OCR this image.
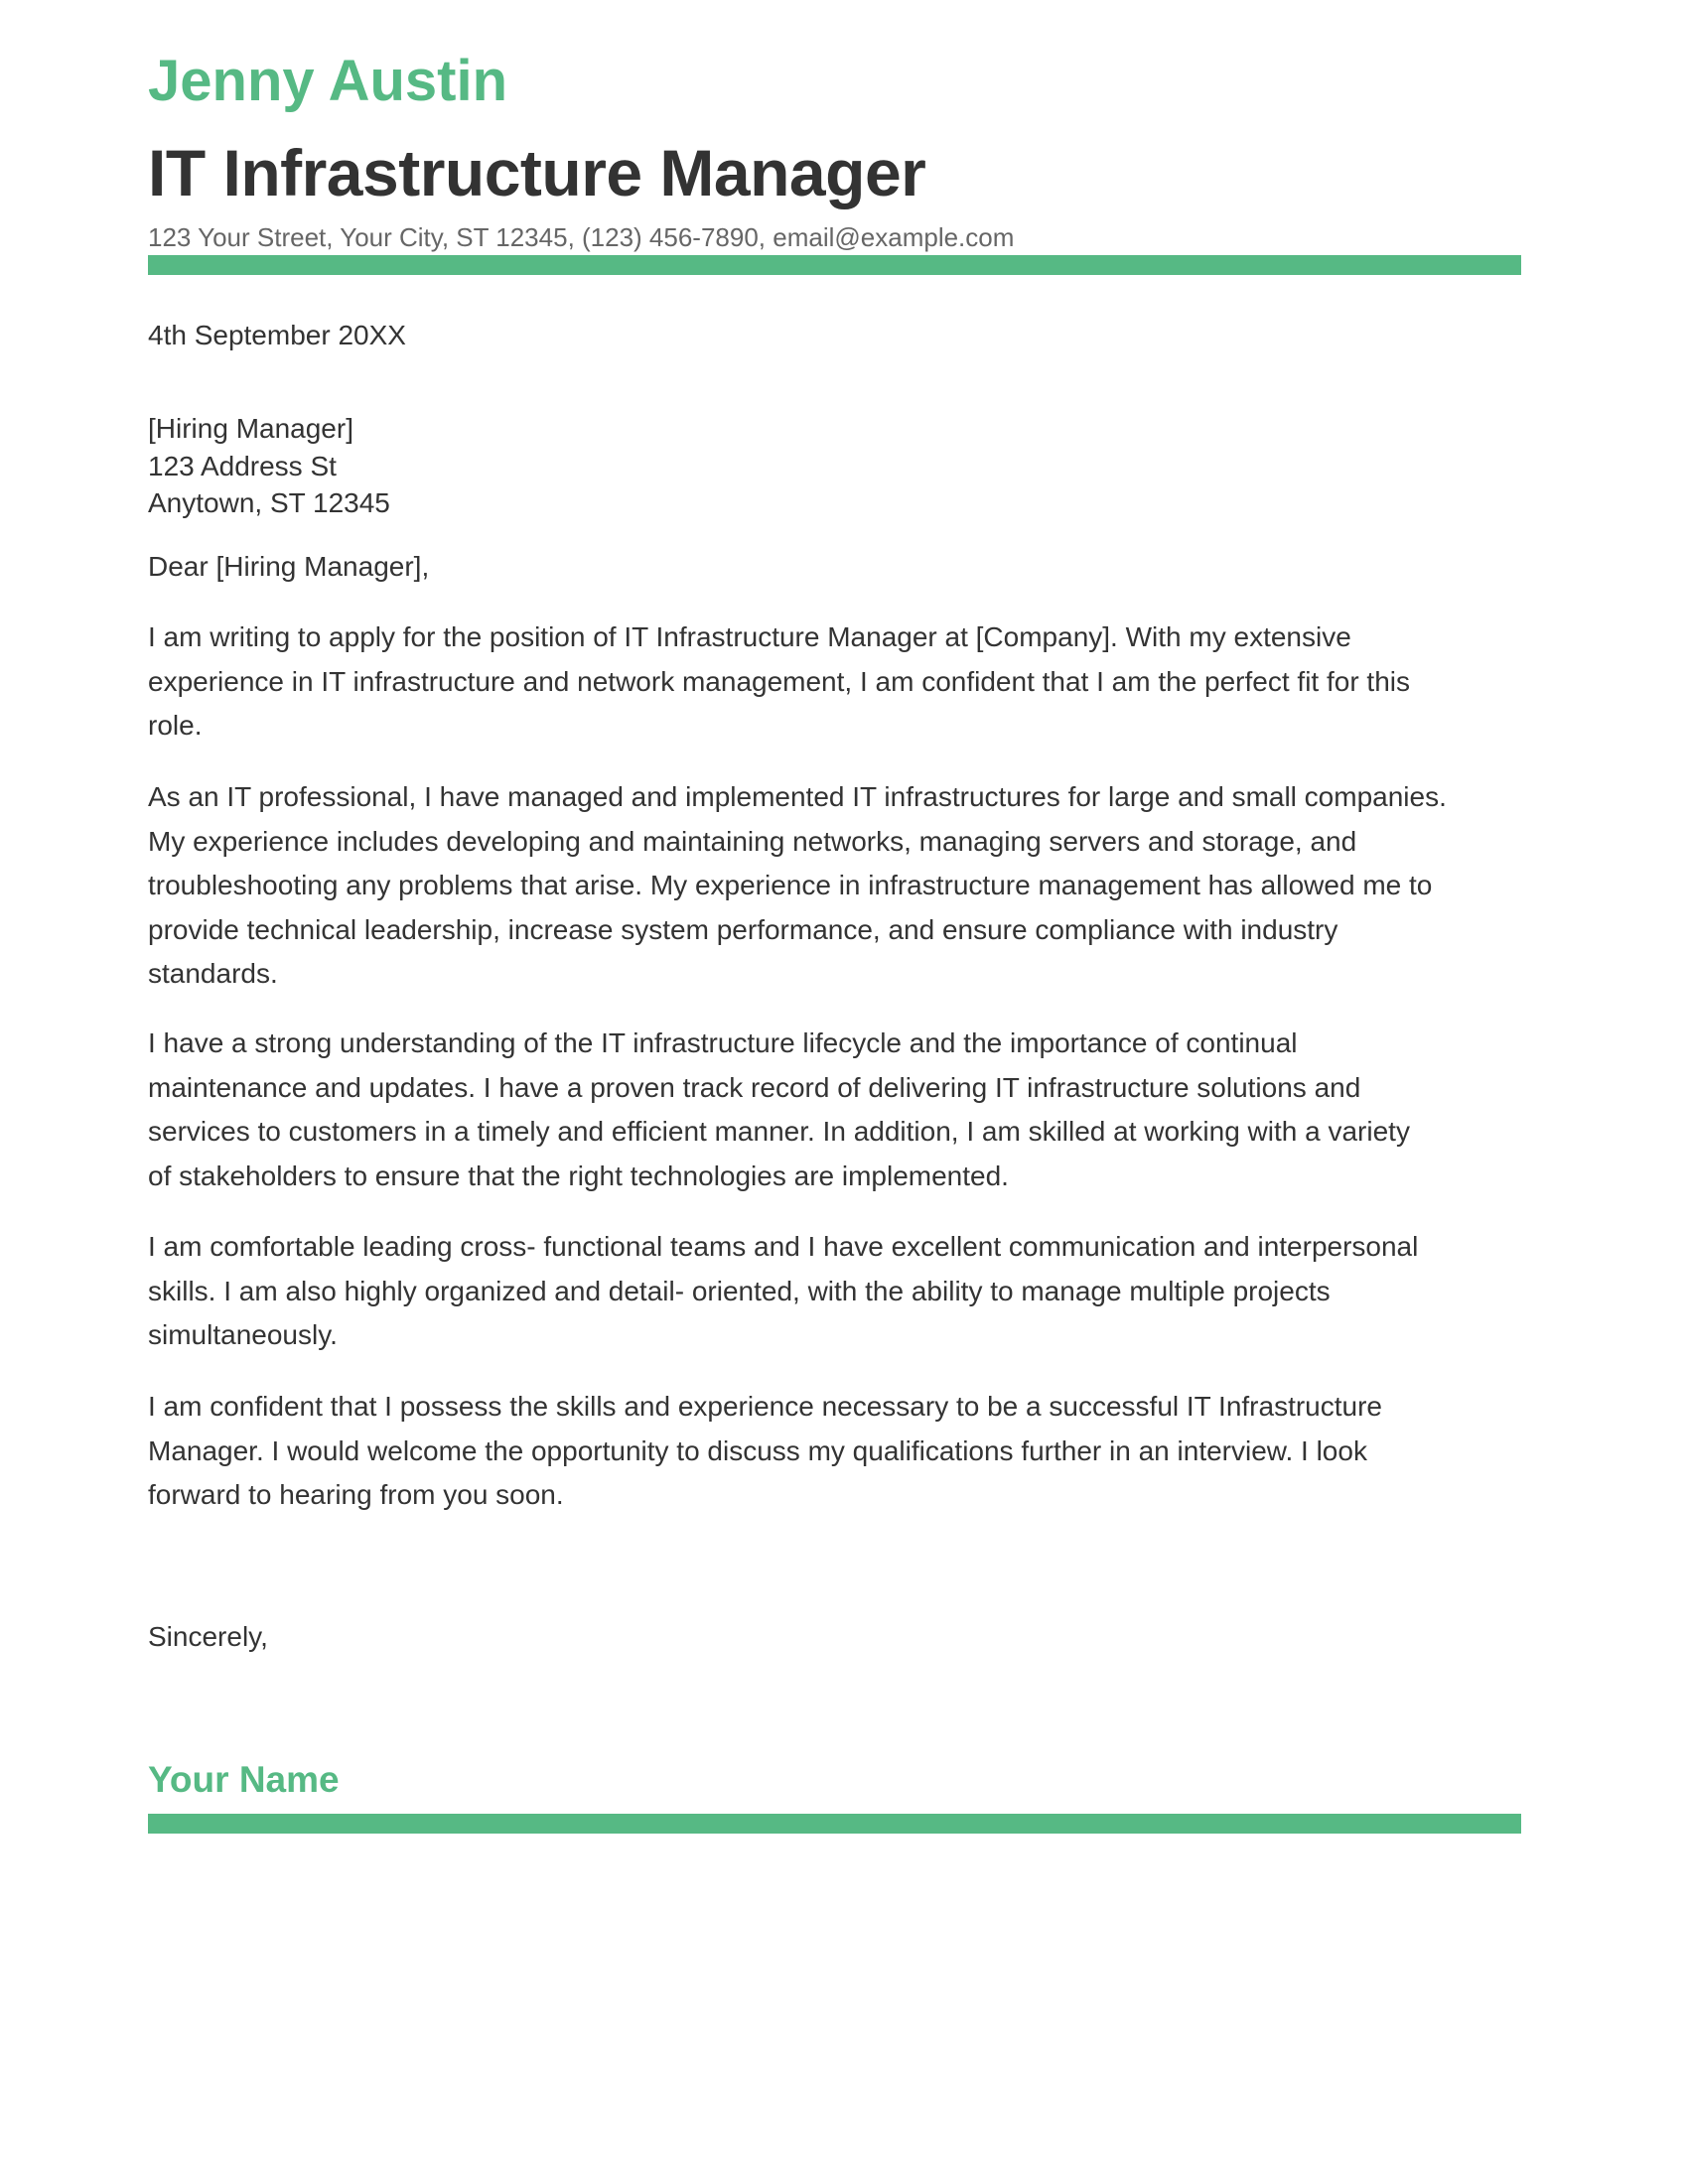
Jenny Austin
IT Infrastructure Manager
123 Your Street, Your City, ST 12345, (123) 456-7890, email@example.com
4th September 20XX
[Hiring Manager]
123 Address St
Anytown, ST 12345
Dear [Hiring Manager],
I am writing to apply for the position of IT Infrastructure Manager at [Company]. With my extensive
experience in IT infrastructure and network management, I am confident that I am the perfect fit for this
role.
As an IT professional, I have managed and implemented IT infrastructures for large and small companies.
My experience includes developing and maintaining networks, managing servers and storage, and
troubleshooting any problems that arise. My experience in infrastructure management has allowed me to
provide technical leadership, increase system performance, and ensure compliance with industry
standards.
I have a strong understanding of the IT infrastructure lifecycle and the importance of continual
maintenance and updates. I have a proven track record of delivering IT infrastructure solutions and
services to customers in a timely and efficient manner. In addition, I am skilled at working with a variety
of stakeholders to ensure that the right technologies are implemented.
I am comfortable leading cross- functional teams and I have excellent communication and interpersonal
skills. I am also highly organized and detail- oriented, with the ability to manage multiple projects
simultaneously.
I am confident that I possess the skills and experience necessary to be a successful IT Infrastructure
Manager. I would welcome the opportunity to discuss my qualifications further in an interview. I look
forward to hearing from you soon.
Sincerely,
Your Name
